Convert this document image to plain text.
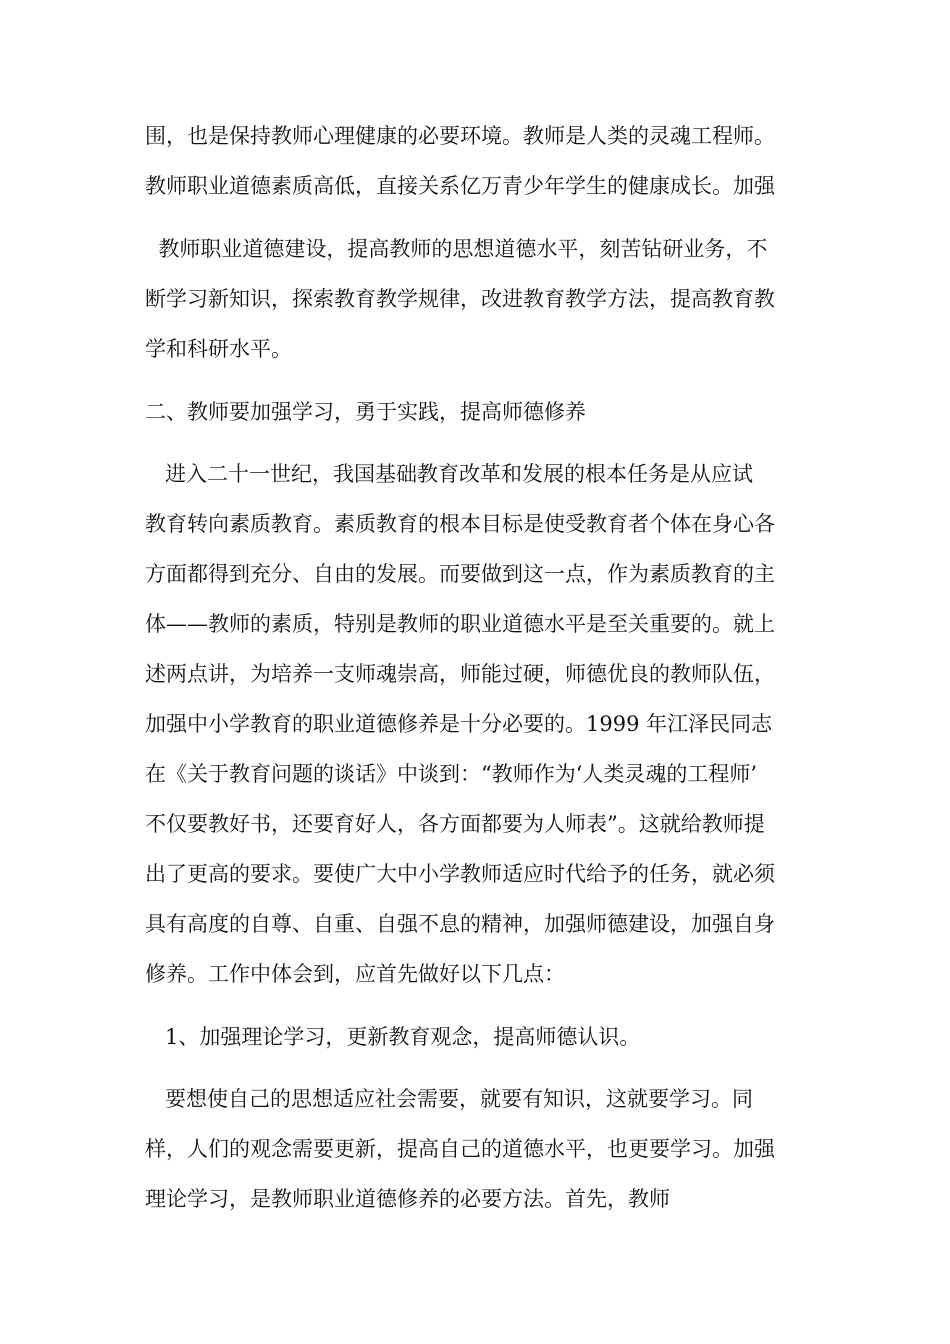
围，也是保持教师心理健康的必要环境。教师是人类的灵魂工程师。
教师职业道德素质高低，直接关系亿万青少年学生的健康成长。加强
教师职业道德建设，提高教师的思想道德水平，刻苦钻研业务，不
断学习新知识，探索教育教学规律，改进教育教学方法，提高教育教
学和科研水平。
二、教师要加强学习，勇于实践，提高师德修养
进入二十一世纪，我国基础教育改革和发展的根本任务是从应试
教育转向素质教育。素质教育的根本目标是使受教育者个体在身心各
方面都得到充分、自由的发展。而要做到这一点，作为素质教育的主
体——教师的素质，特别是教师的职业道德水平是至关重要的。就上
述两点讲，为培养一支师魂崇高，师能过硬，师德优良的教师队伍，
加强中小学教育的职业道德修养是十分必要的。1999 年江泽民同志
在《关于教育问题的谈话》中谈到：“教师作为‘人类灵魂的工程师’
不仅要教好书，还要育好人，各方面都要为人师表”。这就给教师提
出了更高的要求。要使广大中小学教师适应时代给予的任务，就必须
具有高度的自尊、自重、自强不息的精神，加强师德建设，加强自身
修养。工作中体会到，应首先做好以下几点：
1、加强理论学习，更新教育观念，提高师德认识。
要想使自己的思想适应社会需要，就要有知识，这就要学习。同
样，人们的观念需要更新，提高自己的道德水平，也更要学习。加强
理论学习，是教师职业道德修养的必要方法。首先，教师
